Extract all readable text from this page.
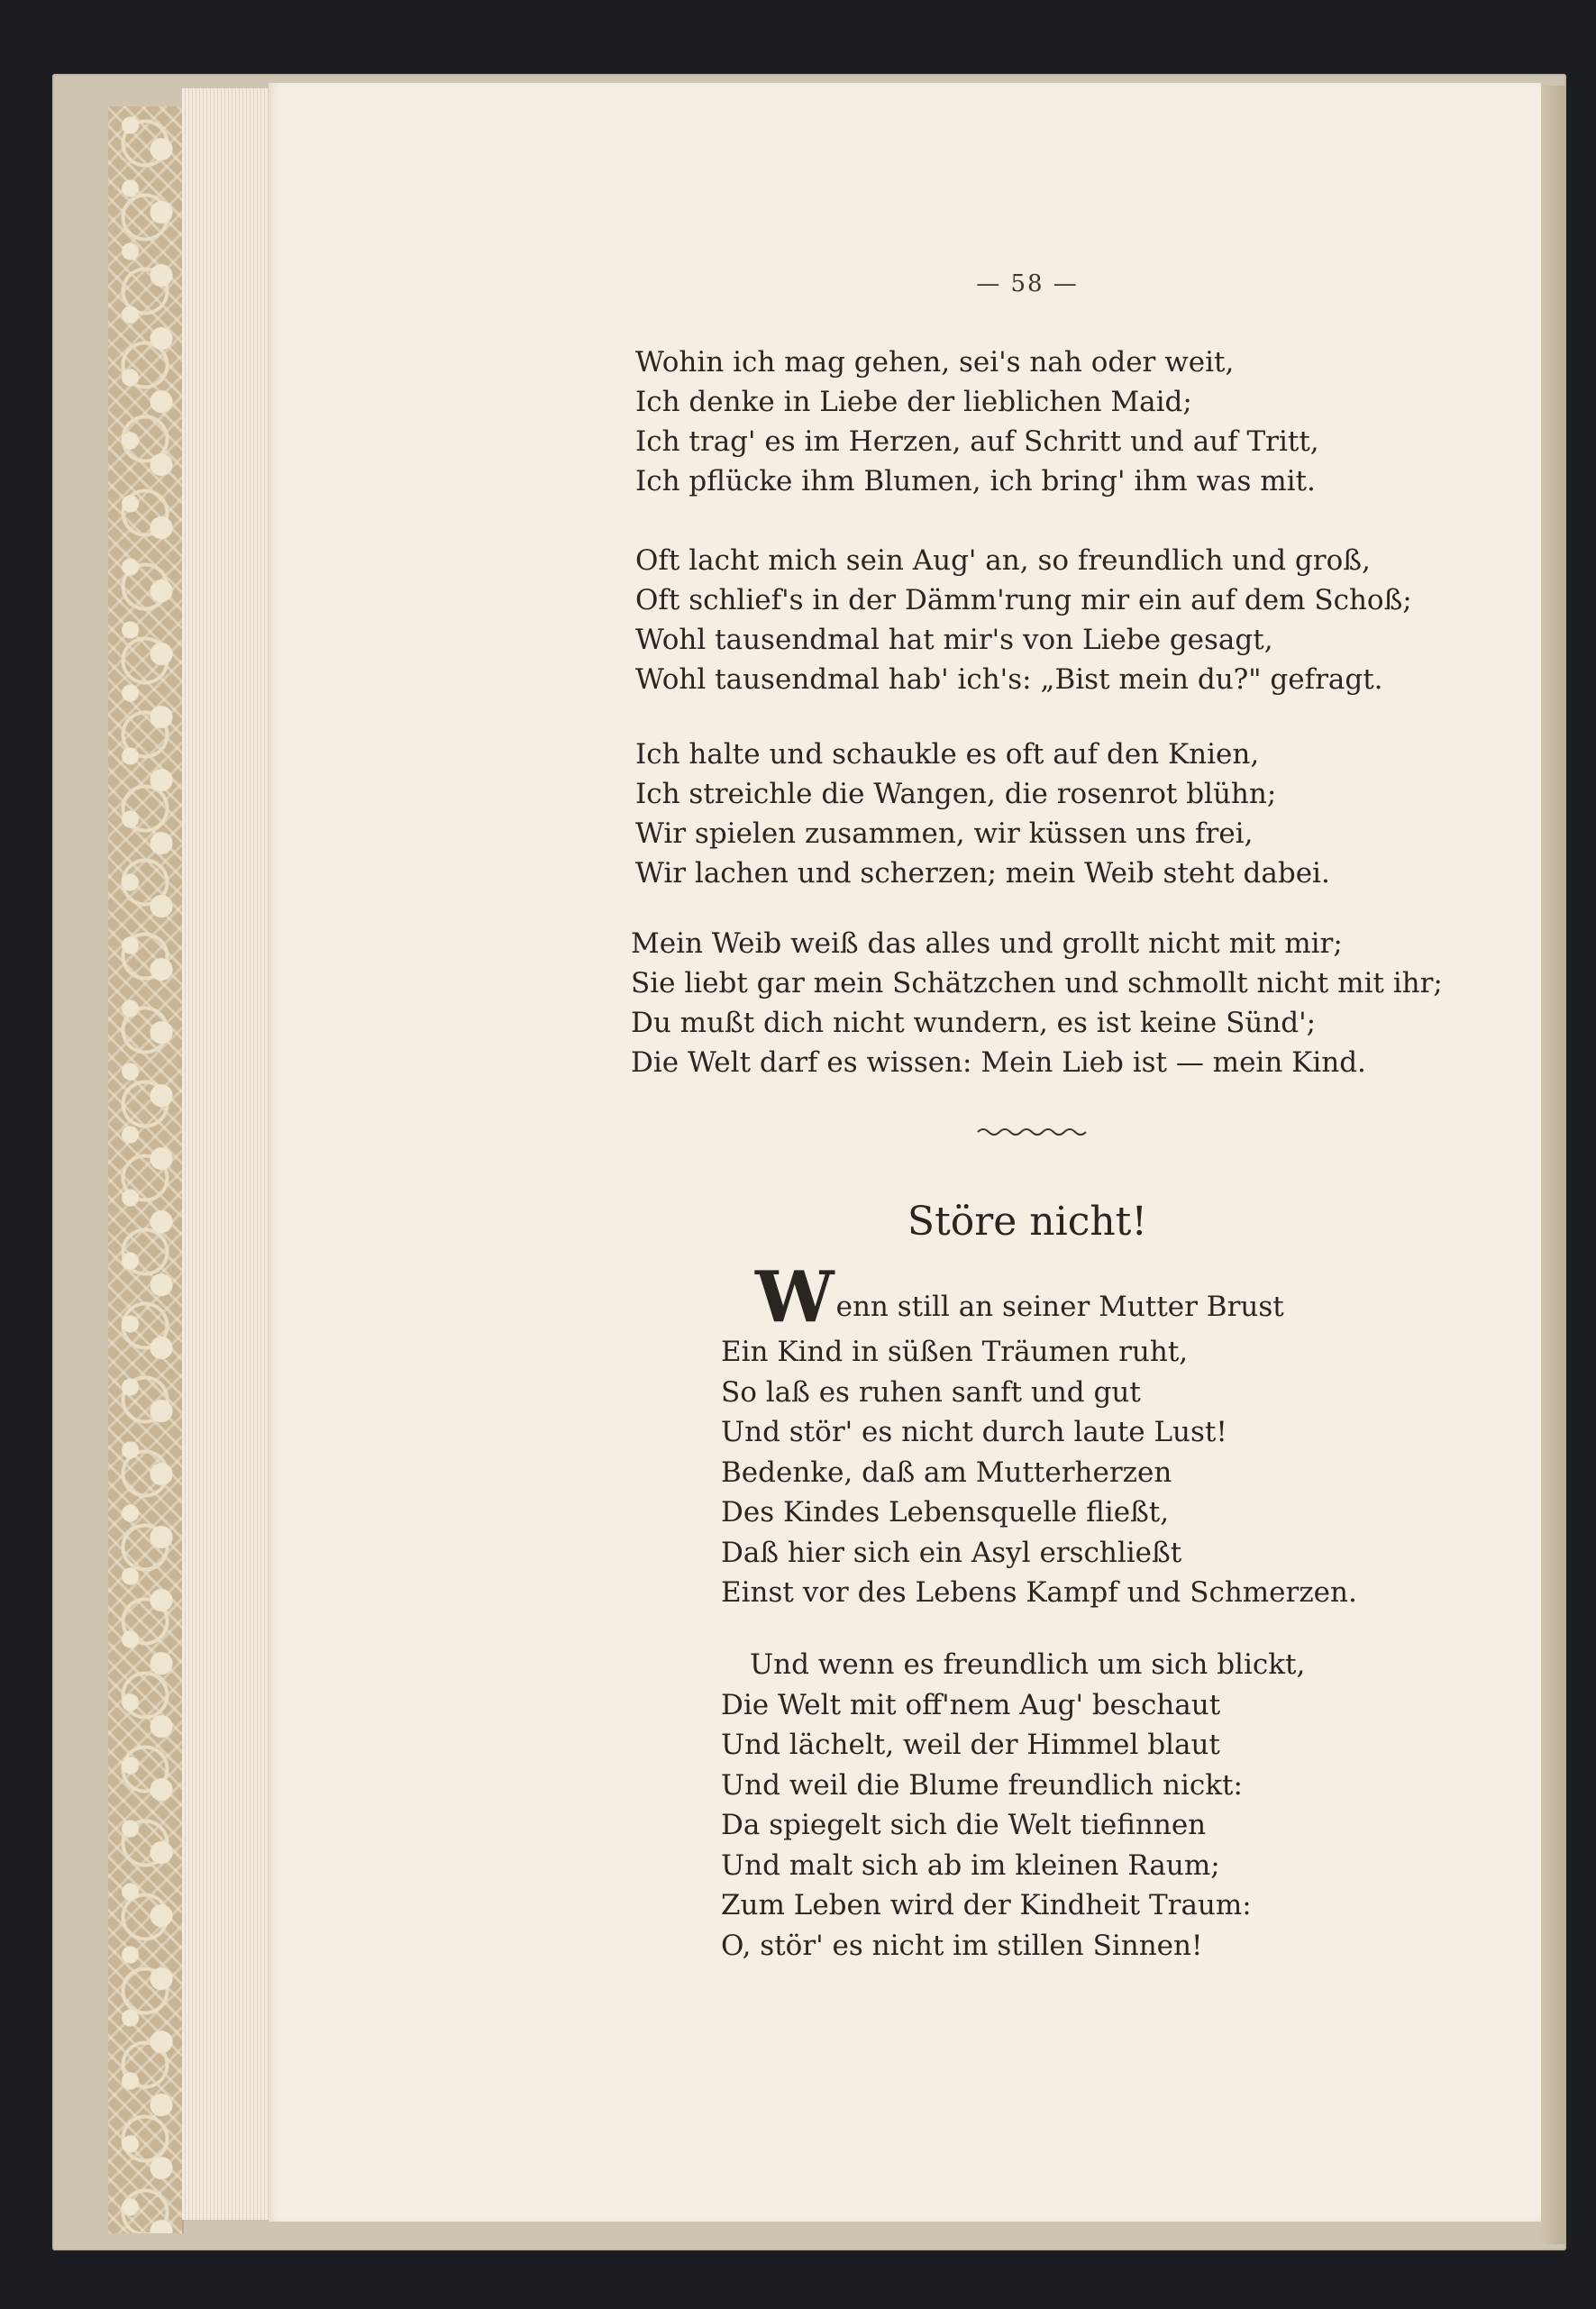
— 58 —
Wohin ich mag gehen, sei's nah oder weit,
Ich denke in Liebe der lieblichen Maid;
Ich trag' es im Herzen, auf Schritt und auf Tritt,
Ich pflücke ihm Blumen, ich bring' ihm was mit.
Oft lacht mich sein Aug' an, so freundlich und groß,
Oft schlief's in der Dämm'rung mir ein auf dem Schoß;
Wohl tausendmal hat mir's von Liebe gesagt,
Wohl tausendmal hab' ich's: „Bist mein du?" gefragt.
Ich halte und schaukle es oft auf den Knien,
Ich streichle die Wangen, die rosenrot blühn;
Wir spielen zusammen, wir küssen uns frei,
Wir lachen und scherzen; mein Weib steht dabei.
Mein Weib weiß das alles und grollt nicht mit mir;
Sie liebt gar mein Schätzchen und schmollt nicht mit ihr;
Du mußt dich nicht wundern, es ist keine Sünd';
Die Welt darf es wissen: Mein Lieb ist — mein Kind.
Störe nicht!
Wenn still an seiner Mutter Brust
Ein Kind in süßen Träumen ruht,
So laß es ruhen sanft und gut
Und stör' es nicht durch laute Lust!
Bedenke, daß am Mutterherzen
Des Kindes Lebensquelle fließt,
Daß hier sich ein Asyl erschließt
Einst vor des Lebens Kampf und Schmerzen.
Und wenn es freundlich um sich blickt,
Die Welt mit off'nem Aug' beschaut
Und lächelt, weil der Himmel blaut
Und weil die Blume freundlich nickt:
Da spiegelt sich die Welt tiefinnen
Und malt sich ab im kleinen Raum;
Zum Leben wird der Kindheit Traum:
O, stör' es nicht im stillen Sinnen!
